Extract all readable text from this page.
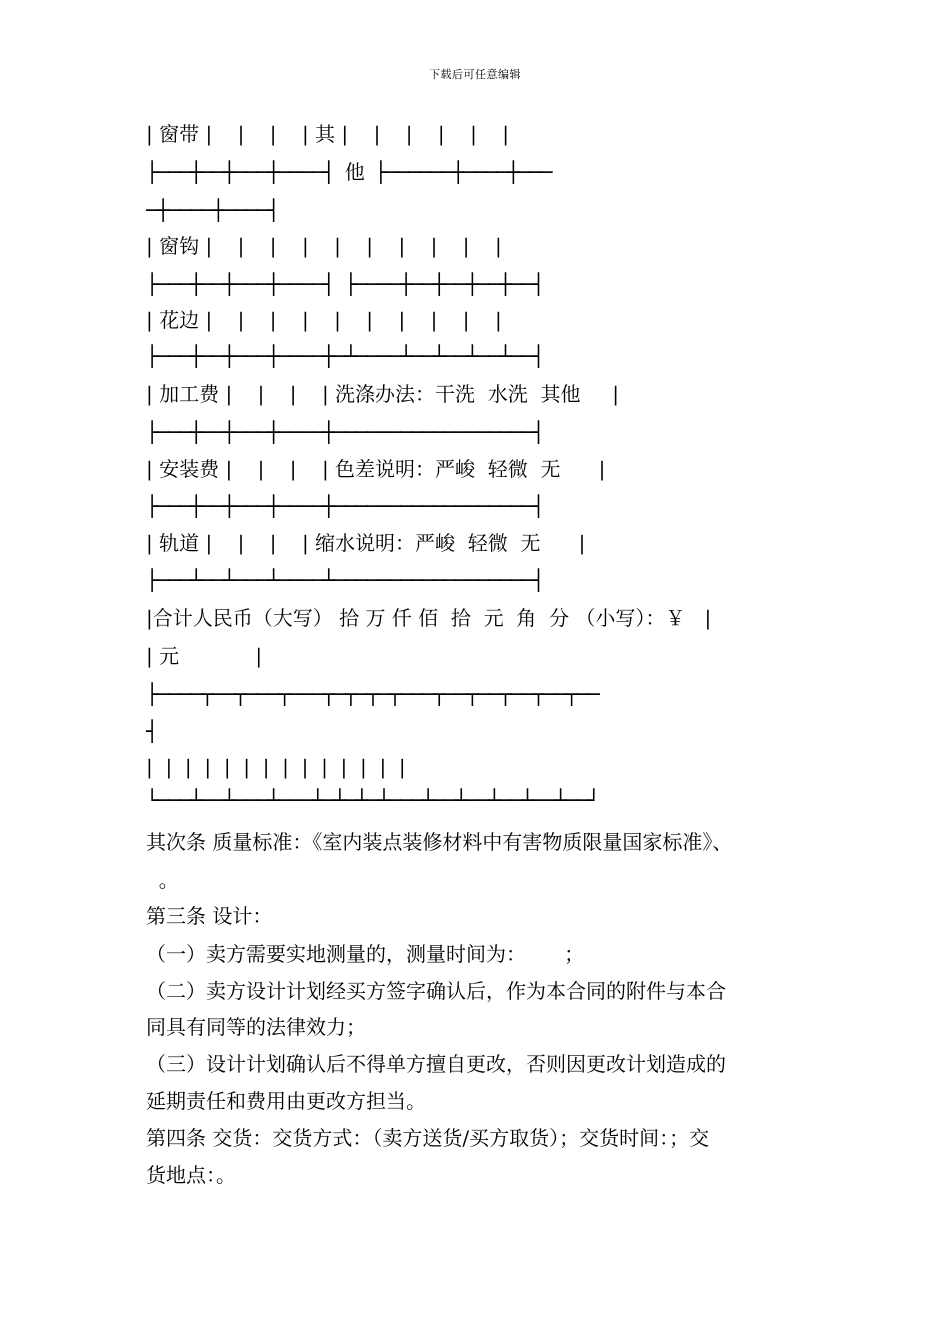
下载后可任意编辑
| 窗带 |    |    |    | 其 |    |    |    |    |    |
├───┼──┼───┼────┤ 他 ├──────┼────┼───
─┼────┼────┤
| 窗钩 |    |    |    |    |    |    |    |    |    |
├───┼──┼───┼────┤ ├────┼──┼──┼──┼──┤
| 花边 |    |    |    |    |    |    |    |    |    |
├───┼──┼───┼────┼─┴────┴──┴──┴──┴──┤
| 加工费 |    |    |    | 洗涤办法：干洗  水洗  其他     |
├───┼──┼───┼────┼──────────────────┤
| 安装费 |    |    |    | 色差说明：严峻  轻微  无      |
├───┼──┼───┼────┼──────────────────┤
| 轨道 |    |    |    | 缩水说明：严峻  轻微  无      |
├───┴──┴───┴────┴──────────────────┤
|合计人民币（大写） 拾 万 仟 佰  拾  元  角  分 （小写）：￥   |
| 元            |
├────┬──┬───┬───┬─┬─┬─┬───┬──┬──┬──┬──┬──
┤
|  |  |  |  |  |  |  |  |  |  |  |  |  |
└───┴──┴───┴───┴─┴─┴─┴───┴──┴──┴──┴──┴──┘
其次条 质量标准：《室内装点装修材料中有害物质限量国家标准》、
。
第三条 设计：
（一）卖方需要实地测量的，测量时间为：      ；
（二）卖方设计计划经买方签字确认后，作为本合同的附件与本合
同具有同等的法律效力；
（三）设计计划确认后不得单方擅自更改，否则因更改计划造成的
延期责任和费用由更改方担当。
第四条 交货：交货方式：（卖方送货/买方取货）；交货时间：；交
货地点：。
